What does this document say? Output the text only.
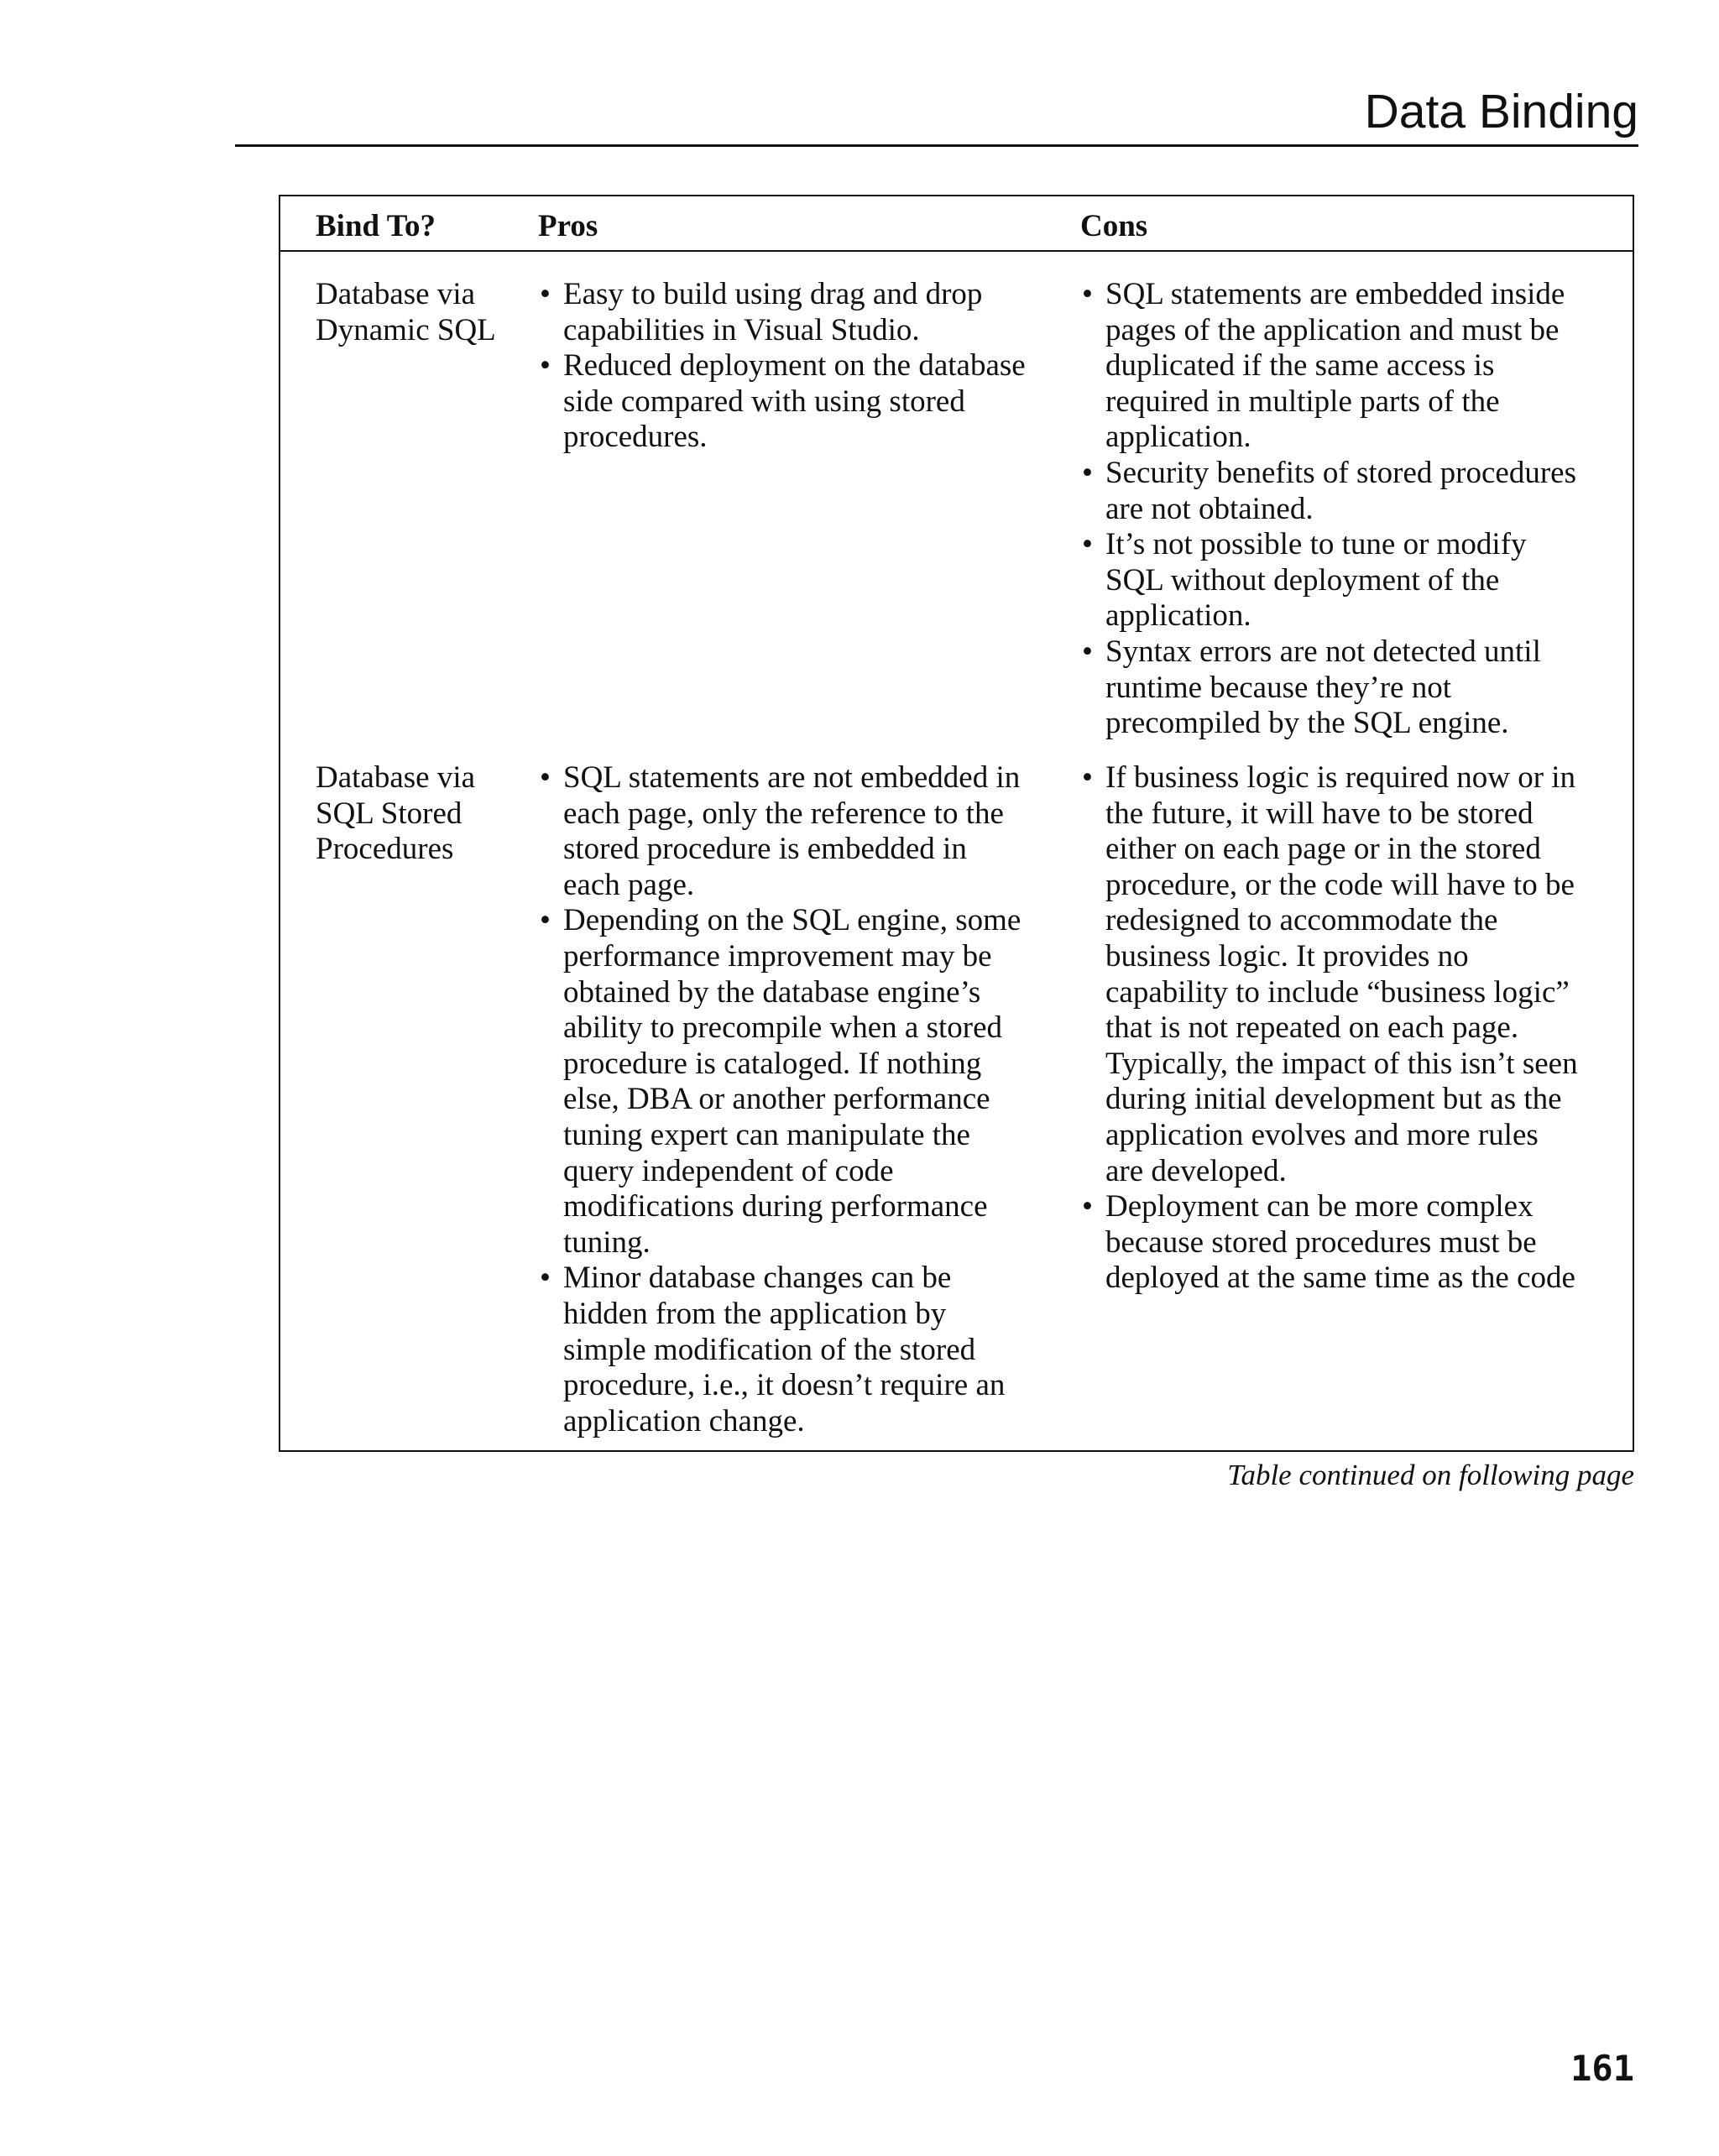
Data Binding
Bind To?	Pros	Cons
Database via
Dynamic SQL
• Easy to build using drag and drop
capabilities in Visual Studio.
• Reduced deployment on the database
side compared with using stored
procedures.
• SQL statements are embedded inside
pages of the application and must be
duplicated if the same access is
required in multiple parts of the
application.
• Security benefits of stored procedures
are not obtained.
• It’s not possible to tune or modify
SQL without deployment of the
application.
• Syntax errors are not detected until
runtime because they’re not
precompiled by the SQL engine.
Database via
SQL Stored
Procedures
• SQL statements are not embedded in
each page, only the reference to the
stored procedure is embedded in
each page.
• Depending on the SQL engine, some
performance improvement may be
obtained by the database engine’s
ability to precompile when a stored
procedure is cataloged. If nothing
else, DBA or another performance
tuning expert can manipulate the
query independent of code
modifications during performance
tuning.
• Minor database changes can be
hidden from the application by
simple modification of the stored
procedure, i.e., it doesn’t require an
application change.
• If business logic is required now or in
the future, it will have to be stored
either on each page or in the stored
procedure, or the code will have to be
redesigned to accommodate the
business logic. It provides no
capability to include “business logic”
that is not repeated on each page.
Typically, the impact of this isn’t seen
during initial development but as the
application evolves and more rules
are developed.
• Deployment can be more complex
because stored procedures must be
deployed at the same time as the code
Table continued on following page
161
